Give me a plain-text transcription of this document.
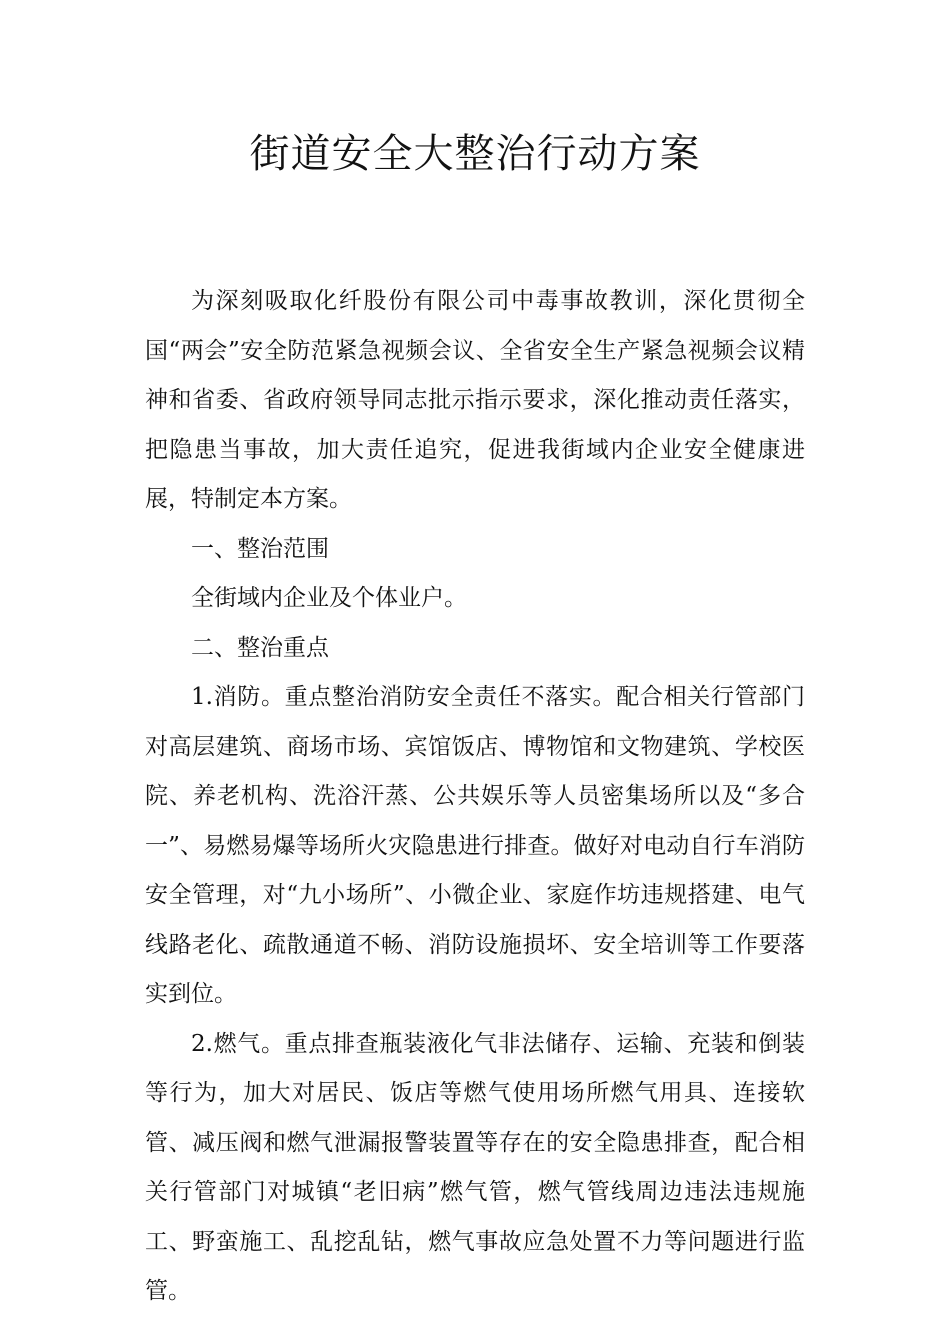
街道安全大整治行动方案

为深刻吸取化纤股份有限公司中毒事故教训，深化贯彻全国“两会”安全防范紧急视频会议、全省安全生产紧急视频会议精神和省委、省政府领导同志批示指示要求，深化推动责任落实，把隐患当事故，加大责任追究，促进我街域内企业安全健康进展，特制定本方案。

一、整治范围

全街域内企业及个体业户。

二、整治重点

1.消防。重点整治消防安全责任不落实。配合相关行管部门对高层建筑、商场市场、宾馆饭店、博物馆和文物建筑、学校医院、养老机构、洗浴汗蒸、公共娱乐等人员密集场所以及“多合一”、易燃易爆等场所火灾隐患进行排查。做好对电动自行车消防安全管理，对“九小场所”、小微企业、家庭作坊违规搭建、电气线路老化、疏散通道不畅、消防设施损坏、安全培训等工作要落实到位。

2.燃气。重点排查瓶装液化气非法储存、运输、充装和倒装等行为，加大对居民、饭店等燃气使用场所燃气用具、连接软管、减压阀和燃气泄漏报警装置等存在的安全隐患排查，配合相关行管部门对城镇“老旧病”燃气管，燃气管线周边违法违规施工、野蛮施工、乱挖乱钻，燃气事故应急处置不力等问题进行监管。
